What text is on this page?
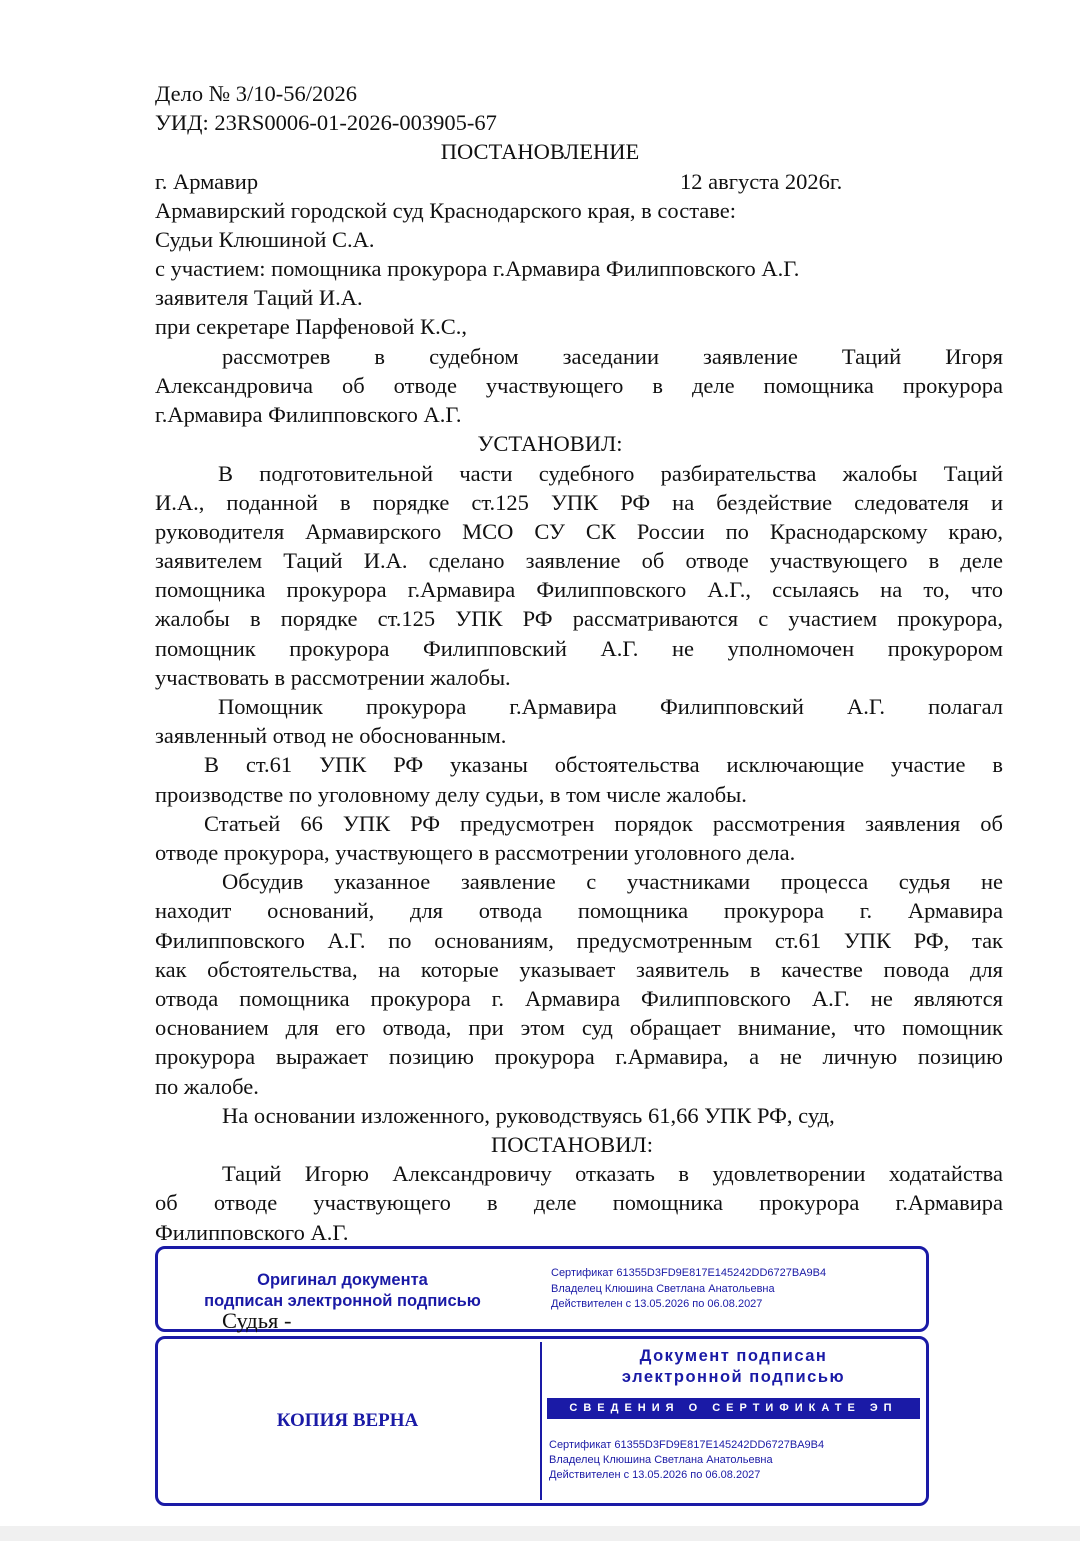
Дело № 3/10-56/2026
УИД: 23RS0006-01-2026-003905-67
ПОСТАНОВЛЕНИЕ
г. Армавир	12 августа 2026г.
Армавирский городской суд Краснодарского края, в составе:
Судьи Клюшиной С.А.
с участием: помощника прокурора г.Армавира Филипповского А.Г.
заявителя Таций И.А.
при секретаре Парфеновой К.С.,
рассмотрев в судебном заседании заявление Таций Игоря
Александровича об отводе участвующего в деле помощника прокурора
г.Армавира Филипповского А.Г.
УСТАНОВИЛ:
В подготовительной части судебного разбирательства жалобы Таций
И.А., поданной в порядке ст.125 УПК РФ на бездействие следователя и
руководителя Армавирского МСО СУ СК России по Краснодарскому краю,
заявителем Таций И.А. сделано заявление об отводе участвующего в деле
помощника прокурора г.Армавира Филипповского А.Г., ссылаясь на то, что
жалобы в порядке ст.125 УПК РФ рассматриваются с участием прокурора,
помощник прокурора Филипповский А.Г. не уполномочен прокурором
участвовать в рассмотрении жалобы.
Помощник прокурора г.Армавира Филипповский А.Г. полагал
заявленный отвод не обоснованным.
В ст.61 УПК РФ указаны обстоятельства исключающие участие в
производстве по уголовному делу судьи, в том числе жалобы.
Статьей 66 УПК РФ предусмотрен порядок рассмотрения заявления об
отводе прокурора, участвующего в рассмотрении уголовного дела.
Обсудив указанное заявление с участниками процесса судья не
находит оснований, для отвода помощника прокурора г. Армавира
Филипповского А.Г. по основаниям, предусмотренным ст.61 УПК РФ, так
как обстоятельства, на которые указывает заявитель в качестве повода для
отвода помощника прокурора г. Армавира Филипповского А.Г. не являются
основанием для его отвода, при этом суд обращает внимание, что помощник
прокурора выражает позицию прокурора г.Армавира, а не личную позицию
по жалобе.
На основании изложенного, руководствуясь 61,66 УПК РФ, суд,
ПОСТАНОВИЛ:
Таций Игорю Александровичу отказать в удовлетворении ходатайства
об отводе участвующего в деле помощника прокурора г.Армавира
Филипповского А.Г.
Оригинал документа
подписан электронной подписью
Сертификат 61355D3FD9E817E145242DD6727BA9B4
Владелец Клюшина Светлана Анатольевна
Действителен с 13.05.2026 по 06.08.2027
Судья -
КОПИЯ ВЕРНА
Документ подписан
электронной подписью
СВЕДЕНИЯ О СЕРТИФИКАТЕ ЭП
Сертификат 61355D3FD9E817E145242DD6727BA9B4
Владелец Клюшина Светлана Анатольевна
Действителен с 13.05.2026 по 06.08.2027
